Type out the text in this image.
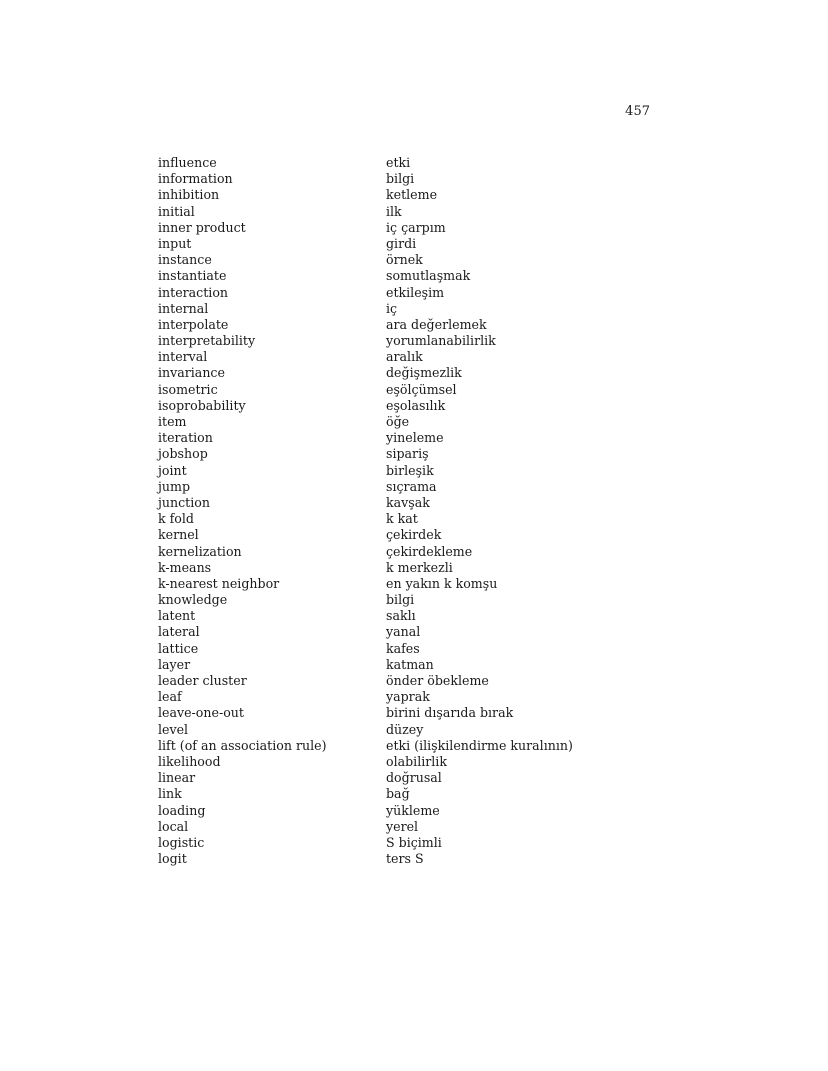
457
influence	etki
information	bilgi
inhibition	ketleme
initial	ilk
inner product	iç çarpım
input	girdi
instance	örnek
instantiate	somutlaşmak
interaction	etkileşim
internal	iç
interpolate	ara değerlemek
interpretability	yorumlanabilirlik
interval	aralık
invariance	değişmezlik
isometric	eşölçümsel
isoprobability	eşolasılık
item	öğe
iteration	yineleme
jobshop	sipariş
joint	birleşik
jump	sıçrama
junction	kavşak
k fold	k kat
kernel	çekirdek
kernelization	çekirdekleme
k-means	k merkezli
k-nearest neighbor	en yakın k komşu
knowledge	bilgi
latent	saklı
lateral	yanal
lattice	kafes
layer	katman
leader cluster	önder öbekleme
leaf	yaprak
leave-one-out	birini dışarıda bırak
level	düzey
lift (of an association rule)	etki (ilişkilendirme kuralının)
likelihood	olabilirlik
linear	doğrusal
link	bağ
loading	yükleme
local	yerel
logistic	S biçimli
logit	ters S
